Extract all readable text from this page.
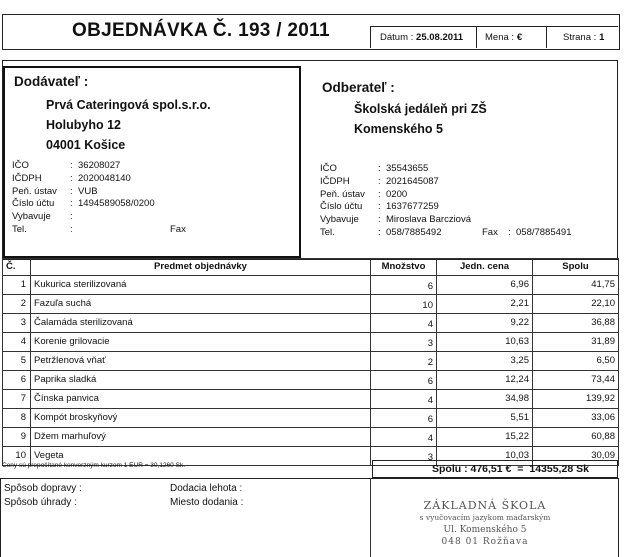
OBJEDNÁVKA Č. 193 / 2011	Dátum : 25.08.2011 Mena : €	Strana : 1
Dodávateľ :
Prvá Cateringová spol.s.r.o.
Holubyho 12
04001 Košice
IČO	: 36208027
IČDPH	: 2020048140
Peň. ústav : VUB
Číslo účtu : 1494589058/0200
Vybavuje :
Tel.	:	Fax
Odberateľ :
Školská jedáleň pri ZŠ
Komenského 5
IČO	: 35543655
IČDPH	: 2021645087
Peň. ústav : 0200
Číslo účtu : 1637677259
Vybavuje : Miroslava Barcziová
Tel.	: 058/7885492	Fax : 058/7885491
Č.	Predmet objednávky	Množstvo	Jedn. cena	Spolu
1	Kukurica sterilizovaná	6	6,96	41,75
2	Fazuľa suchá	10	2,21	22,10
3	Čalamáda sterilizovaná	4	9,22	36,88
4	Korenie grilovacie	3	10,63	31,89
5	Petržlenová vňať	2	3,25	6,50
6	Paprika sladká	6	12,24	73,44
7	Čínska panvica	4	34,98	139,92
8	Kompót broskyňový	6	5,51	33,06
9	Džem marhuľový	4	15,22	60,88
10	Vegeta	3	10,03	30,09
Ceny sú prepočítané konverzným kurzom 1 EUR = 30,1260 Sk.	Spolu : 476,51 € = 14355,28 Sk
Spôsob dopravy :
Spôsob úhrady :
Dodacia lehota :
Miesto dodania :	ZÁKLADNÁ ŠKOLA
s vyučovacím jazykom maďarským
Ul. Komenského 5
048 01 Rožňava
